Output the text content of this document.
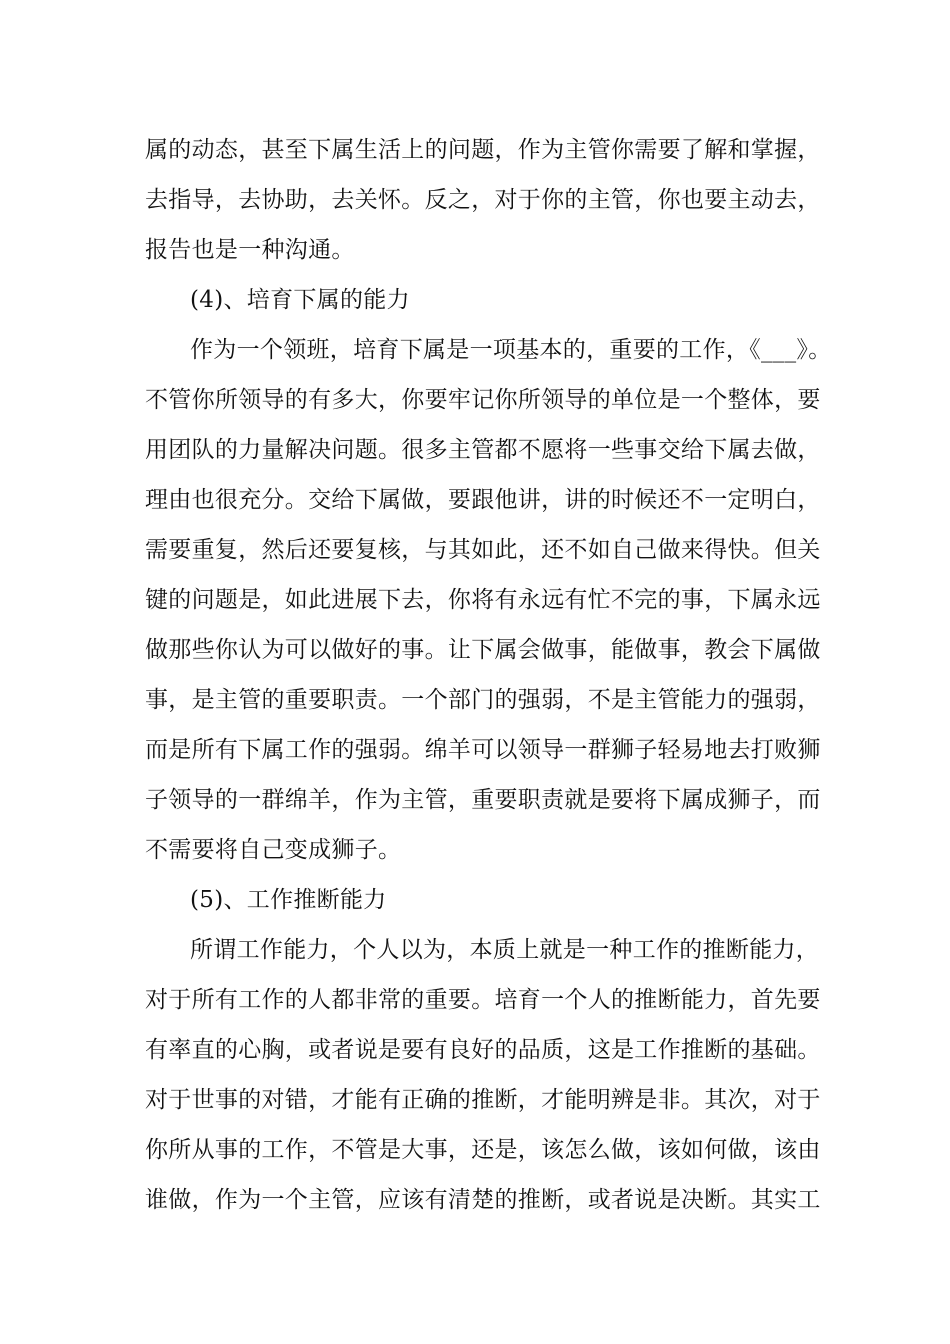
属的动态，甚至下属生活上的问题，作为主管你需要了解和掌握，
去指导，去协助，去关怀。反之，对于你的主管，你也要主动去，
报告也是一种沟通。
(4)、培育下属的能力
作为一个领班，培育下属是一项基本的，重要的工作，《___》。
不管你所领导的有多大，你要牢记你所领导的单位是一个整体，要
用团队的力量解决问题。很多主管都不愿将一些事交给下属去做，
理由也很充分。交给下属做，要跟他讲，讲的时候还不一定明白，
需要重复，然后还要复核，与其如此，还不如自己做来得快。但关
键的问题是，如此进展下去，你将有永远有忙不完的事，下属永远
做那些你认为可以做好的事。让下属会做事，能做事，教会下属做
事，是主管的重要职责。一个部门的强弱，不是主管能力的强弱，
而是所有下属工作的强弱。绵羊可以领导一群狮子轻易地去打败狮
子领导的一群绵羊，作为主管，重要职责就是要将下属成狮子，而
不需要将自己变成狮子。
(5)、工作推断能力
所谓工作能力，个人以为，本质上就是一种工作的推断能力，
对于所有工作的人都非常的重要。培育一个人的推断能力，首先要
有率直的心胸，或者说是要有良好的品质，这是工作推断的基础。
对于世事的对错，才能有正确的推断，才能明辨是非。其次，对于
你所从事的工作，不管是大事，还是，该怎么做，该如何做，该由
谁做，作为一个主管，应该有清楚的推断，或者说是决断。其实工
